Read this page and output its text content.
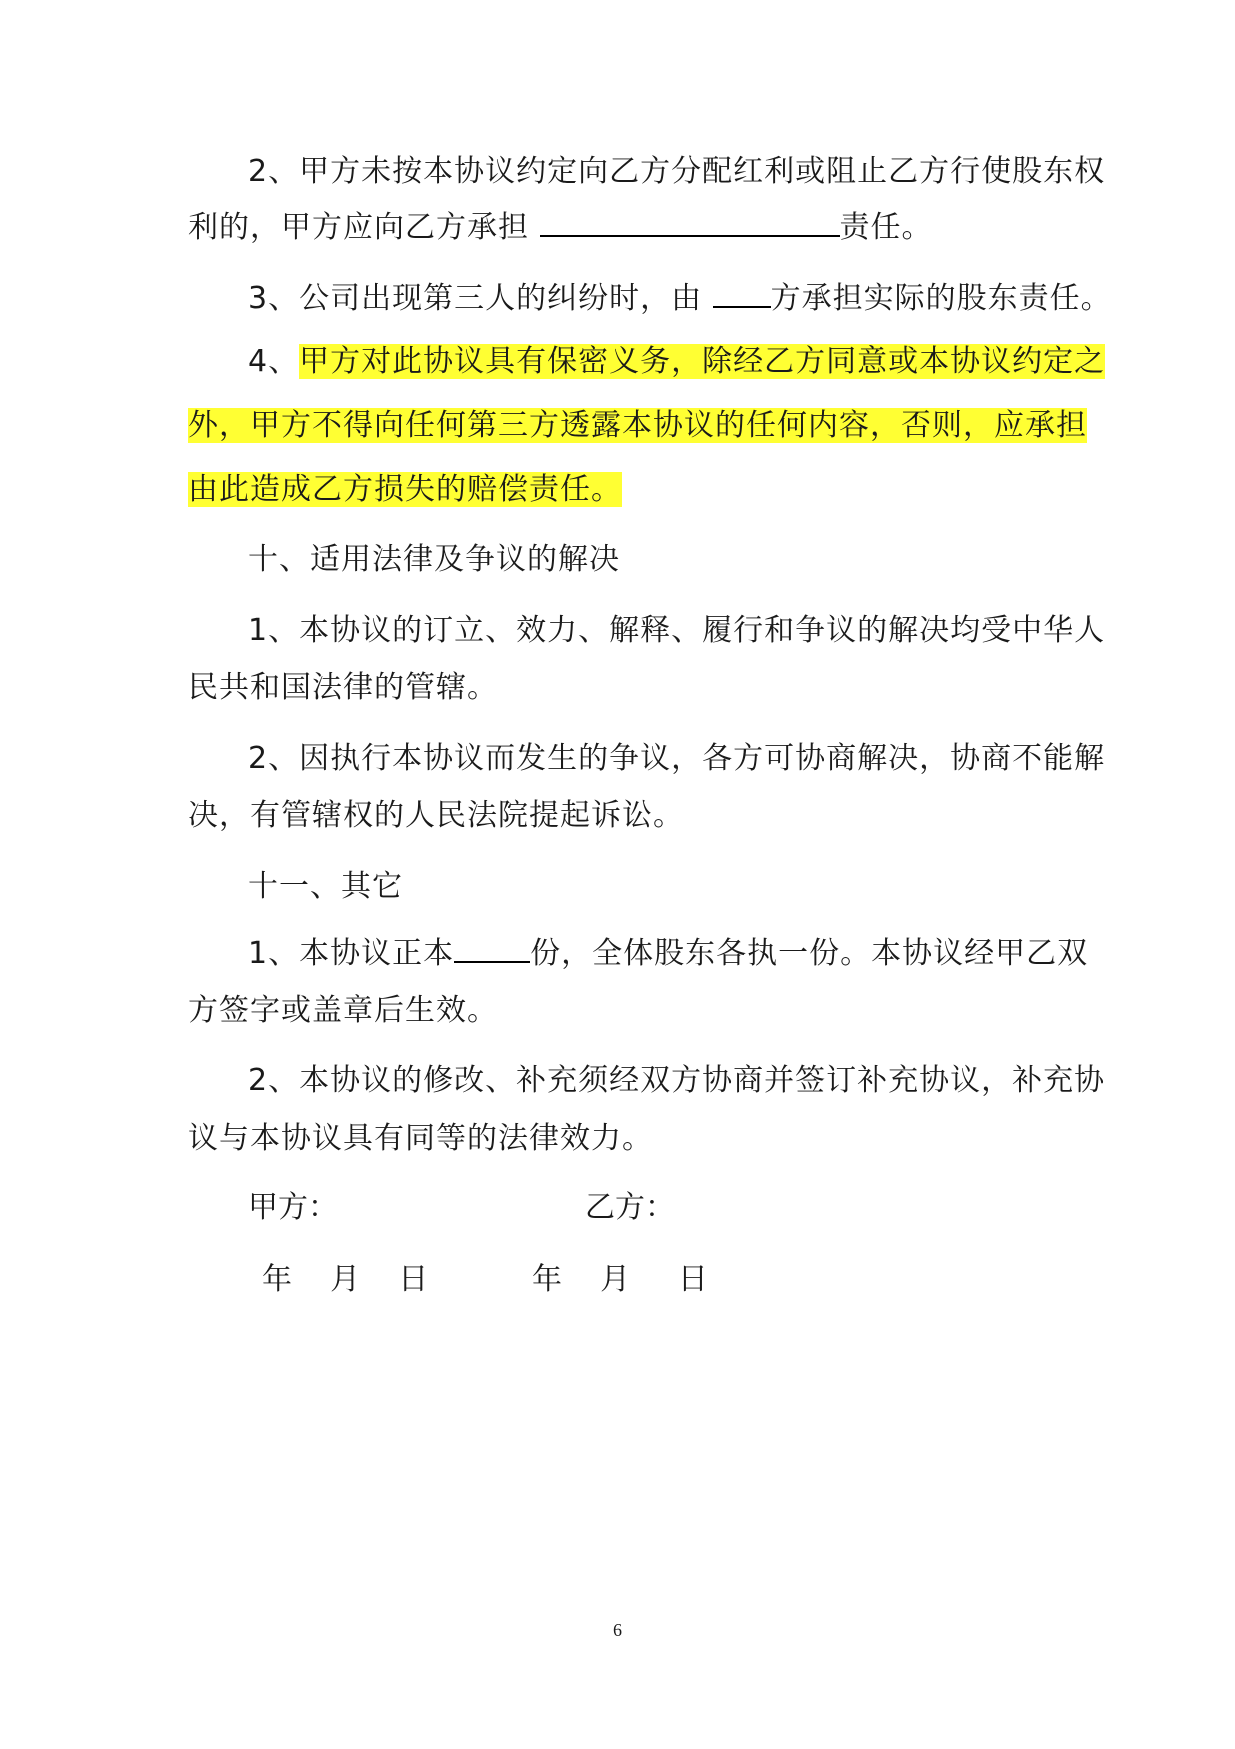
2、甲方未按本协议约定向乙方分配红利或阻止乙方行使股东权
利的，甲方应向乙方承担	责任。
3、公司出现第三人的纠纷时，由 方承担实际的股东责任。
4、甲方对此协议具有保密义务，除经乙方同意或本协议约定之
外，甲方不得向任何第三方透露本协议的任何内容，否则，应承担
由此造成乙方损失的赔偿责任。
十、适用法律及争议的解决
1、本协议的订立、效力、解释、履行和争议的解决均受中华人
民共和国法律的管辖。
2、因执行本协议而发生的争议，各方可协商解决，协商不能解
决，有管辖权的人民法院提起诉讼。
十一、其它
1、本协议正本	份，全体股东各执一份。本协议经甲乙双
方签字或盖章后生效。
2、本协议的修改、补充须经双方协商并签订补充协议，补充协
议与本协议具有同等的法律效力。
甲方：	乙方：
年    月    日	年    月     日
6
